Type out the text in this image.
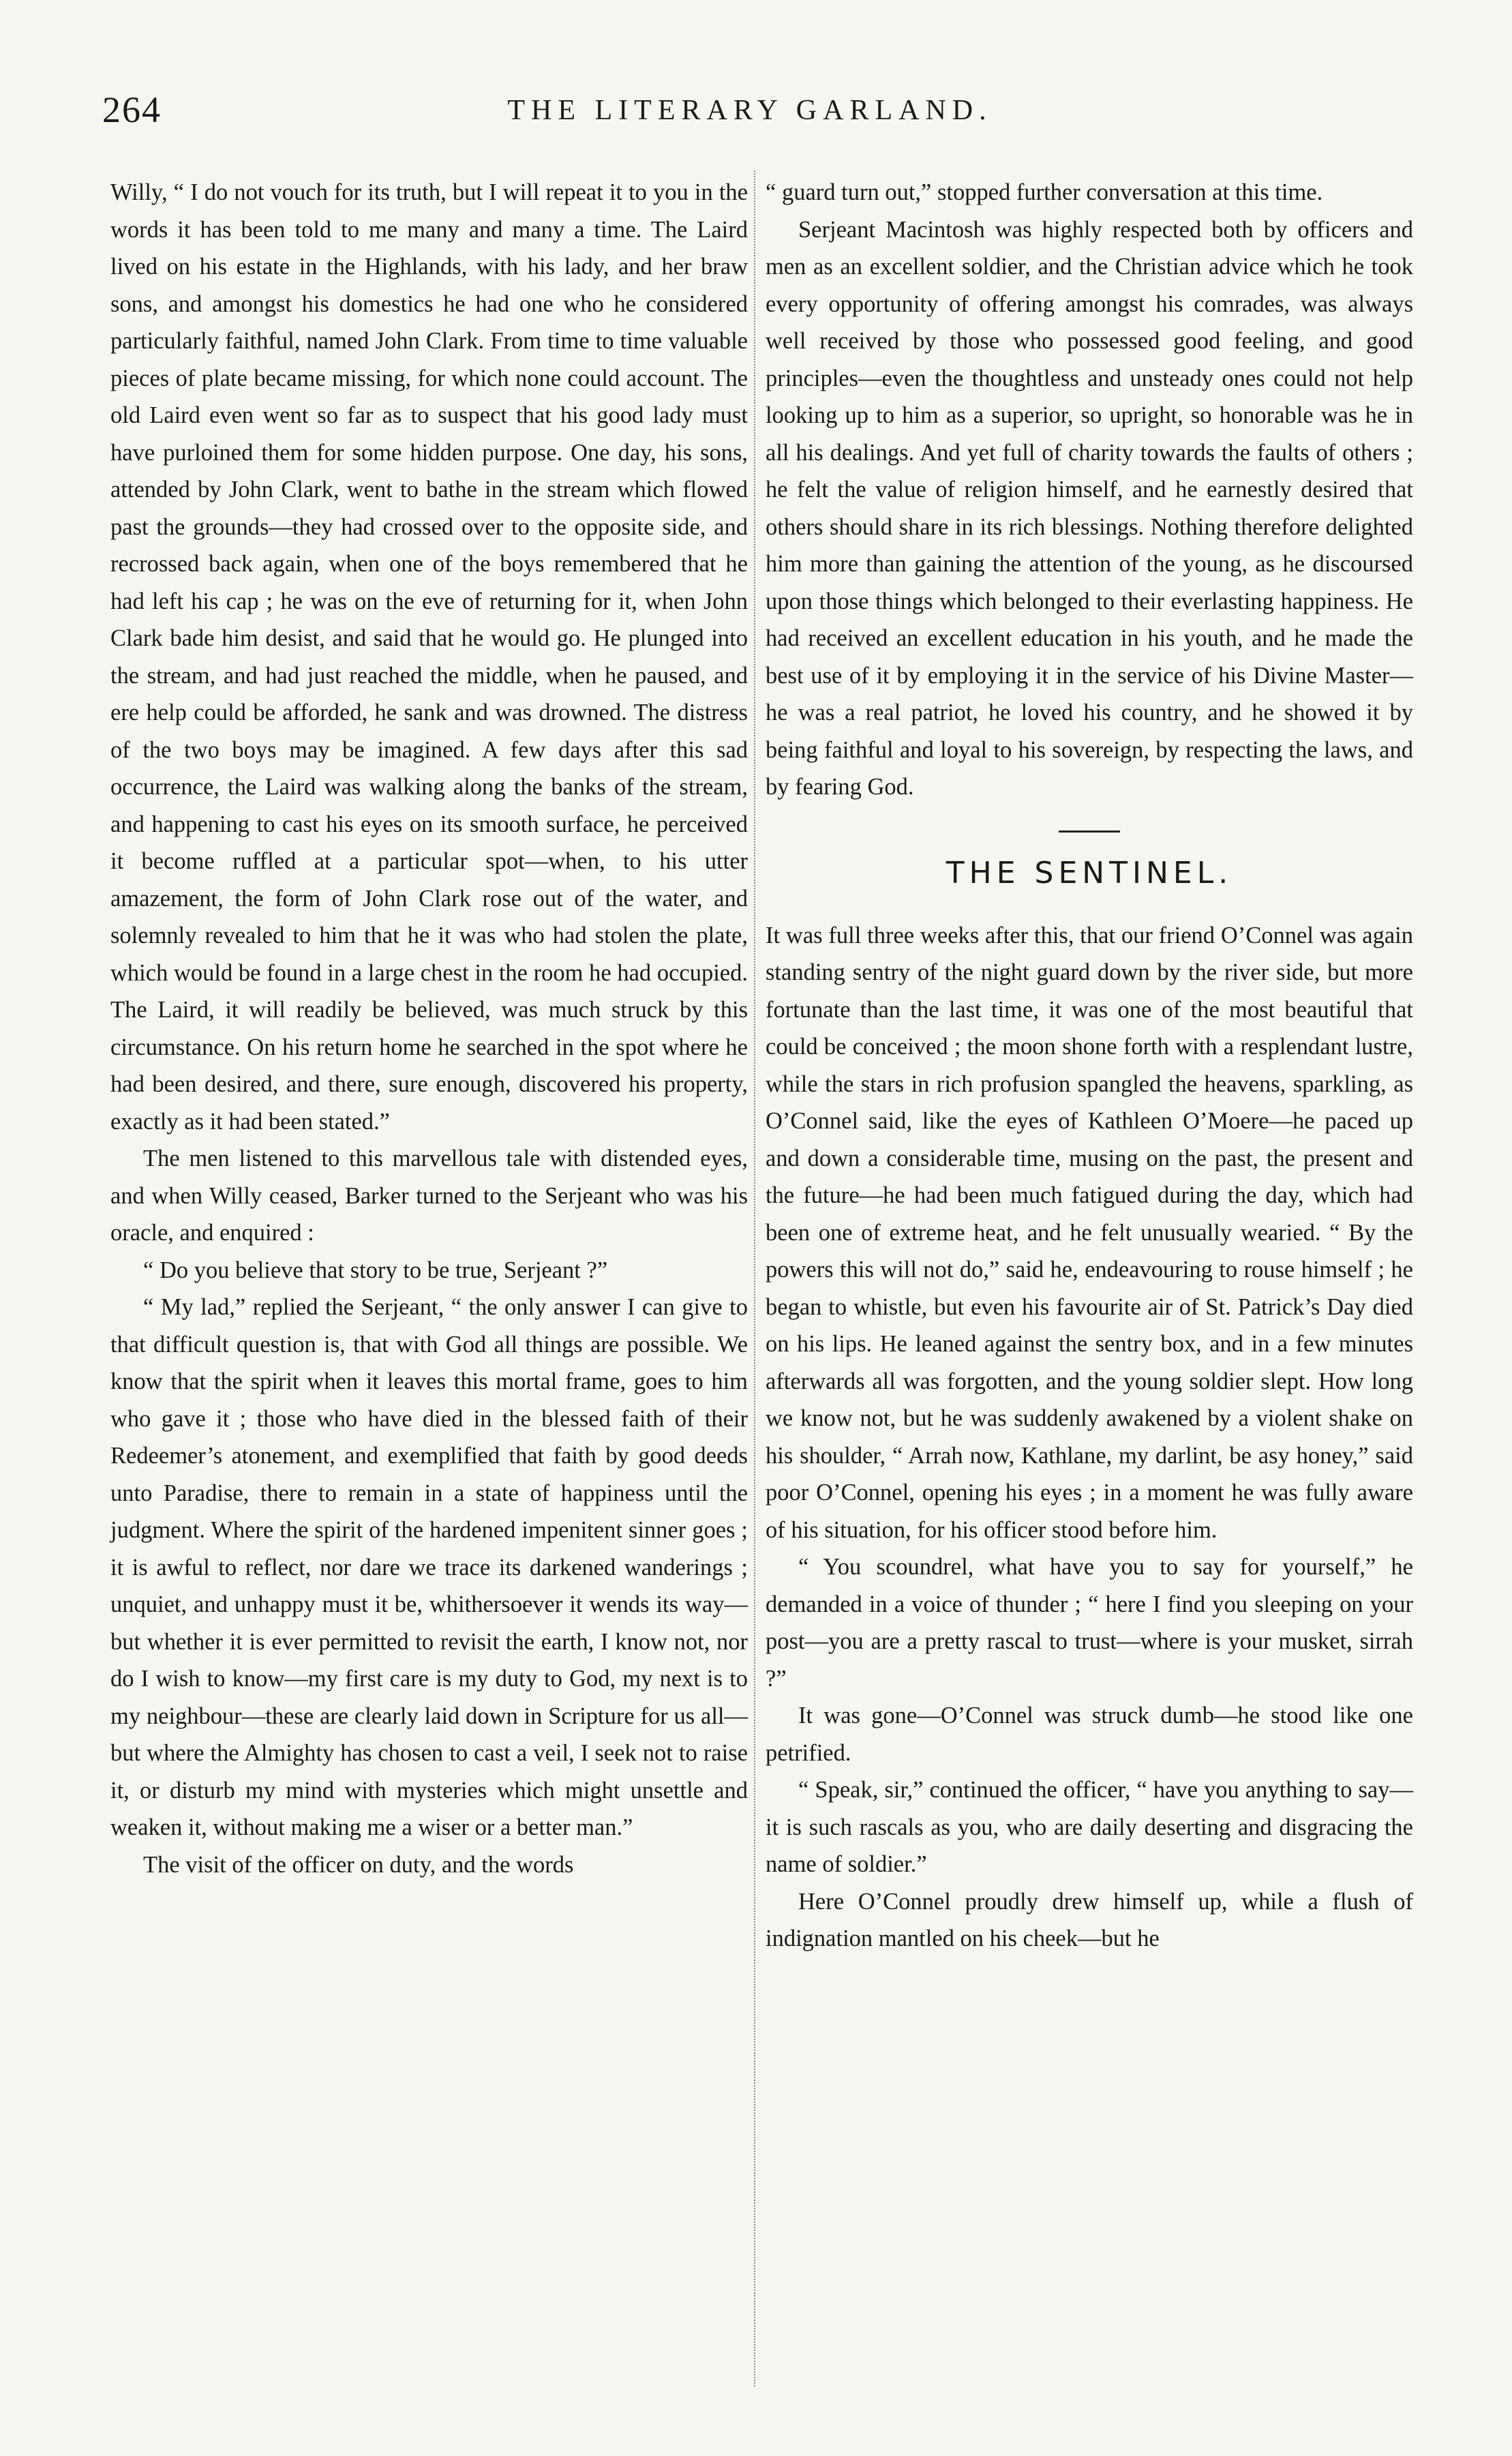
264	THE LITERARY GARLAND.

Willy, “ I do not vouch for its truth, but I will repeat it to you in the words it has been told to me many and many a time. The Laird lived on his estate in the Highlands, with his lady, and her braw sons, and amongst his domestics he had one who he considered particularly faithful, named John Clark. From time to time valuable pieces of plate became missing, for which none could account. The old Laird even went so far as to suspect that his good lady must have purloined them for some hidden purpose. One day, his sons, attended by John Clark, went to bathe in the stream which flowed past the grounds—they had crossed over to the opposite side, and recrossed back again, when one of the boys remembered that he had left his cap ; he was on the eve of returning for it, when John Clark bade him desist, and said that he would go. He plunged into the stream, and had just reached the middle, when he paused, and ere help could be afforded, he sank and was drowned. The distress of the two boys may be imagined. A few days after this sad occurrence, the Laird was walking along the banks of the stream, and happening to cast his eyes on its smooth surface, he perceived it become ruffled at a particular spot—when, to his utter amazement, the form of John Clark rose out of the water, and solemnly revealed to him that he it was who had stolen the plate, which would be found in a large chest in the room he had occupied. The Laird, it will readily be believed, was much struck by this circumstance. On his return home he searched in the spot where he had been desired, and there, sure enough, discovered his property, exactly as it had been stated.”

The men listened to this marvellous tale with distended eyes, and when Willy ceased, Barker turned to the Serjeant who was his oracle, and enquired :

“ Do you believe that story to be true, Serjeant ?”

“ My lad,” replied the Serjeant, “ the only answer I can give to that difficult question is, that with God all things are possible. We know that the spirit when it leaves this mortal frame, goes to him who gave it ; those who have died in the blessed faith of their Redeemer’s atonement, and exemplified that faith by good deeds unto Paradise, there to remain in a state of happiness until the judgment. Where the spirit of the hardened impenitent sinner goes ; it is awful to reflect, nor dare we trace its darkened wanderings ; unquiet, and unhappy must it be, whithersoever it wends its way—but whether it is ever permitted to revisit the earth, I know not, nor do I wish to know—my first care is my duty to God, my next is to my neighbour—these are clearly laid down in Scripture for us all—but where the Almighty has chosen to cast a veil, I seek not to raise it, or disturb my mind with mysteries which might unsettle and weaken it, without making me a wiser or a better man.”

The visit of the officer on duty, and the words

“ guard turn out,” stopped further conversation at this time.

Serjeant Macintosh was highly respected both by officers and men as an excellent soldier, and the Christian advice which he took every opportunity of offering amongst his comrades, was always well received by those who possessed good feeling, and good principles—even the thoughtless and unsteady ones could not help looking up to him as a superior, so upright, so honorable was he in all his dealings. And yet full of charity towards the faults of others ; he felt the value of religion himself, and he earnestly desired that others should share in its rich blessings. Nothing therefore delighted him more than gaining the attention of the young, as he discoursed upon those things which belonged to their everlasting happiness. He had received an excellent education in his youth, and he made the best use of it by employing it in the service of his Divine Master—he was a real patriot, he loved his country, and he showed it by being faithful and loyal to his sovereign, by respecting the laws, and by fearing God.

THE SENTINEL.

It was full three weeks after this, that our friend O’Connel was again standing sentry of the night guard down by the river side, but more fortunate than the last time, it was one of the most beautiful that could be conceived ; the moon shone forth with a resplendant lustre, while the stars in rich profusion spangled the heavens, sparkling, as O’Connel said, like the eyes of Kathleen O’Moere—he paced up and down a considerable time, musing on the past, the present and the future—he had been much fatigued during the day, which had been one of extreme heat, and he felt unusually wearied. “ By the powers this will not do,” said he, endeavouring to rouse himself ; he began to whistle, but even his favourite air of St. Patrick’s Day died on his lips. He leaned against the sentry box, and in a few minutes afterwards all was forgotten, and the young soldier slept. How long we know not, but he was suddenly awakened by a violent shake on his shoulder, “ Arrah now, Kathlane, my darlint, be asy honey,” said poor O’Connel, opening his eyes ; in a moment he was fully aware of his situation, for his officer stood before him.

“ You scoundrel, what have you to say for yourself,” he demanded in a voice of thunder ; “ here I find you sleeping on your post—you are a pretty rascal to trust—where is your musket, sirrah ?”

It was gone—O’Connel was struck dumb—he stood like one petrified.

“ Speak, sir,” continued the officer, “ have you anything to say—it is such rascals as you, who are daily deserting and disgracing the name of soldier.”

Here O’Connel proudly drew himself up, while a flush of indignation mantled on his cheek—but he
